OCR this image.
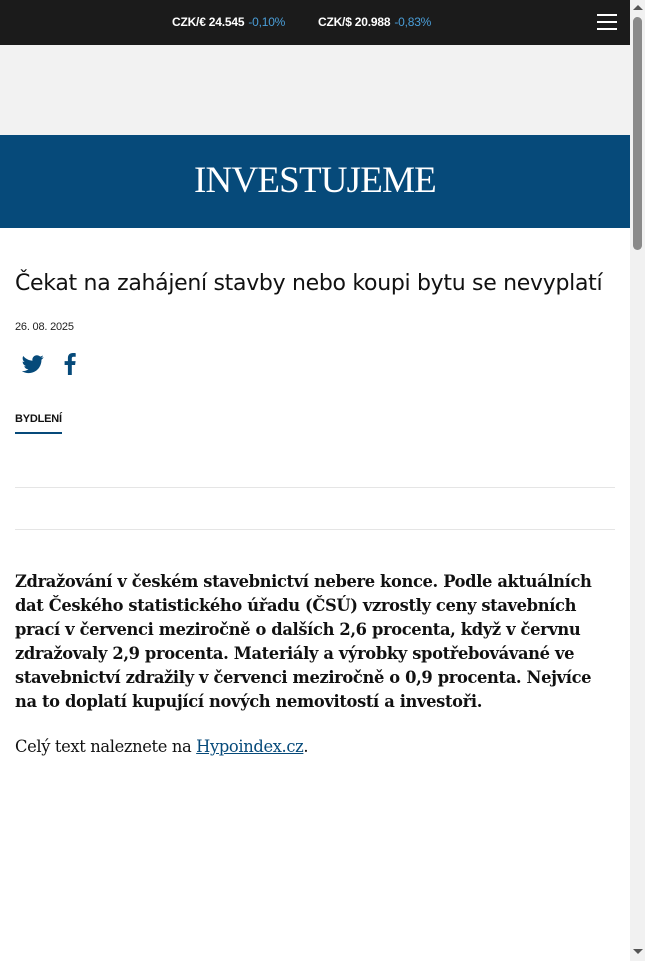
CZK/€ 24.545 -0,10%	CZK/$ 20.988 -0,83%
INVESTUJEME
Čekat na zahájení stavby nebo koupi bytu se nevyplatí
26. 08. 2025
BYDLENÍ

Zdražování v českém stavebnictví nebere konce. Podle aktuálních dat Českého statistického úřadu (ČSÚ) vzrostly ceny stavebních prací v červenci meziročně o dalších 2,6 procenta, když v červnu zdražovaly 2,9 procenta. Materiály a výrobky spotřebovávané ve stavebnictví zdražily v červenci meziročně o 0,9 procenta. Nejvíce na to doplatí kupující nových nemovitostí a investoři.

Celý text naleznete na Hypoindex.cz.
